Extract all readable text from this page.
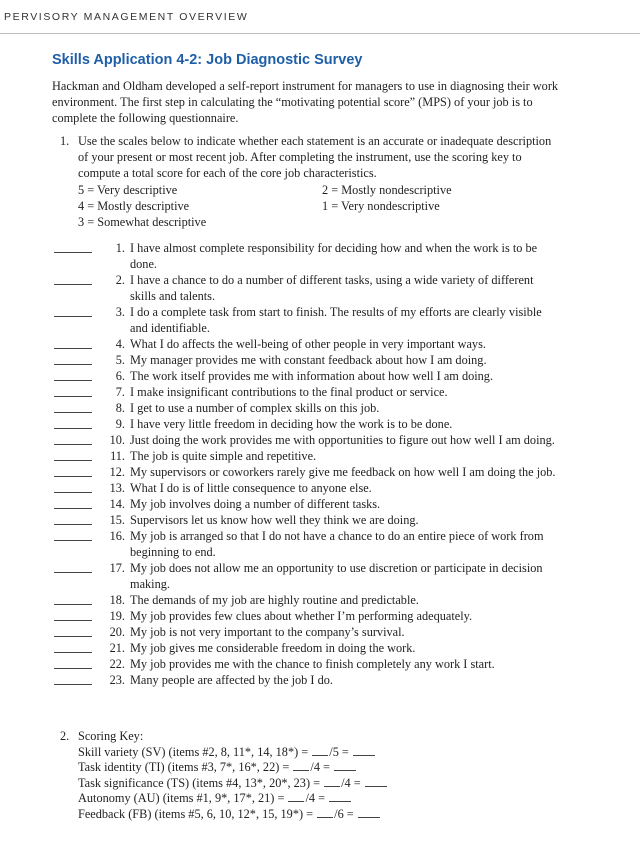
PERVISORY MANAGEMENT OVERVIEW
Skills Application 4-2: Job Diagnostic Survey
Hackman and Oldham developed a self-report instrument for managers to use in diagnosing their work environment. The first step in calculating the “motivating potential score” (MPS) of your job is to complete the following questionnaire.
1. Use the scales below to indicate whether each statement is an accurate or inadequate description of your present or most recent job. After completing the instrument, use the scoring key to compute a total score for each of the core job characteristics.
5 = Very descriptive	2 = Mostly nondescriptive
4 = Mostly descriptive	1 = Very nondescriptive
3 = Somewhat descriptive
1. I have almost complete responsibility for deciding how and when the work is to be done.
2. I have a chance to do a number of different tasks, using a wide variety of different skills and talents.
3. I do a complete task from start to finish. The results of my efforts are clearly visible and identifiable.
4. What I do affects the well-being of other people in very important ways.
5. My manager provides me with constant feedback about how I am doing.
6. The work itself provides me with information about how well I am doing.
7. I make insignificant contributions to the final product or service.
8. I get to use a number of complex skills on this job.
9. I have very little freedom in deciding how the work is to be done.
10. Just doing the work provides me with opportunities to figure out how well I am doing.
11. The job is quite simple and repetitive.
12. My supervisors or coworkers rarely give me feedback on how well I am doing the job.
13. What I do is of little consequence to anyone else.
14. My job involves doing a number of different tasks.
15. Supervisors let us know how well they think we are doing.
16. My job is arranged so that I do not have a chance to do an entire piece of work from beginning to end.
17. My job does not allow me an opportunity to use discretion or participate in decision making.
18. The demands of my job are highly routine and predictable.
19. My job provides few clues about whether I’m performing adequately.
20. My job is not very important to the company’s survival.
21. My job gives me considerable freedom in doing the work.
22. My job provides me with the chance to finish completely any work I start.
23. Many people are affected by the job I do.
2. Scoring Key:
Skill variety (SV) (items #2, 8, 11*, 14, 18*) = /5 =
Task identity (TI) (items #3, 7*, 16*, 22) = /4 =
Task significance (TS) (items #4, 13*, 20*, 23) = /4 =
Autonomy (AU) (items #1, 9*, 17*, 21) = /4 =
Feedback (FB) (items #5, 6, 10, 12*, 15, 19*) = /6 =
